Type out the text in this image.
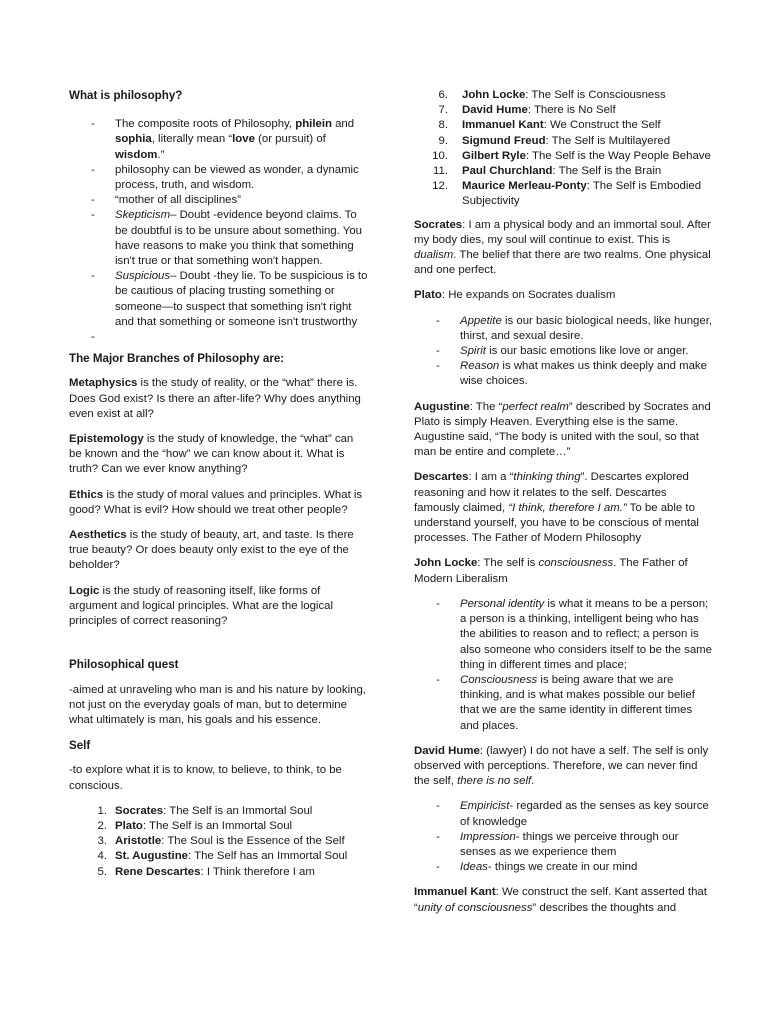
What is philosophy?

- The composite roots of Philosophy, philein and sophia, literally mean “love (or pursuit) of wisdom.”
- philosophy can be viewed as wonder, a dynamic process, truth, and wisdom.
- “mother of all disciplines”
- Skepticism– Doubt -evidence beyond claims. To be doubtful is to be unsure about something. You have reasons to make you think that something isn't true or that something won't happen.
- Suspicious– Doubt -they lie. To be suspicious is to be cautious of placing trusting something or someone—to suspect that something isn't right and that something or someone isn't trustworthy
-

The Major Branches of Philosophy are:

Metaphysics is the study of reality, or the “what” there is. Does God exist? Is there an after-life? Why does anything even exist at all?

Epistemology is the study of knowledge, the “what” can be known and the “how” we can know about it. What is truth? Can we ever know anything?

Ethics is the study of moral values and principles. What is good? What is evil? How should we treat other people?

Aesthetics is the study of beauty, art, and taste. Is there true beauty? Or does beauty only exist to the eye of the beholder?

Logic is the study of reasoning itself, like forms of argument and logical principles. What are the logical principles of correct reasoning?

Philosophical quest

-aimed at unraveling who man is and his nature by looking, not just on the everyday goals of man, but to determine what ultimately is man, his goals and his essence.

Self

-to explore what it is to know, to believe, to think, to be conscious.

1. Socrates: The Self is an Immortal Soul
2. Plato: The Self is an Immortal Soul
3. Aristotle: The Soul is the Essence of the Self
4. St. Augustine: The Self has an Immortal Soul
5. Rene Descartes: I Think therefore I am
6. John Locke: The Self is Consciousness
7. David Hume: There is No Self
8. Immanuel Kant: We Construct the Self
9. Sigmund Freud: The Self is Multilayered
10. Gilbert Ryle: The Self is the Way People Behave
11. Paul Churchland: The Self is the Brain
12. Maurice Merleau-Ponty: The Self is Embodied Subjectivity

Socrates: I am a physical body and an immortal soul. After my body dies, my soul will continue to exist. This is dualism. The belief that there are two realms. One physical and one perfect.

Plato: He expands on Socrates dualism

- Appetite is our basic biological needs, like hunger, thirst, and sexual desire.
- Spirit is our basic emotions like love or anger.
- Reason is what makes us think deeply and make wise choices.

Augustine: The “perfect realm” described by Socrates and Plato is simply Heaven. Everything else is the same. Augustine said, “The body is united with the soul, so that man be entire and complete…”

Descartes: I am a “thinking thing”. Descartes explored reasoning and how it relates to the self. Descartes famously claimed, “I think, therefore I am.” To be able to understand yourself, you have to be conscious of mental processes. The Father of Modern Philosophy

John Locke: The self is consciousness. The Father of Modern Liberalism

- Personal identity is what it means to be a person; a person is a thinking, intelligent being who has the abilities to reason and to reflect; a person is also someone who considers itself to be the same thing in different times and place;
- Consciousness is being aware that we are thinking, and is what makes possible our belief that we are the same identity in different times and places.

David Hume: (lawyer) I do not have a self. The self is only observed with perceptions. Therefore, we can never find the self, there is no self.

- Empiricist- regarded as the senses as key source of knowledge
- Impression- things we perceive through our senses as we experience them
- Ideas- things we create in our mind

Immanuel Kant: We construct the self. Kant asserted that “unity of consciousness” describes the thoughts and
